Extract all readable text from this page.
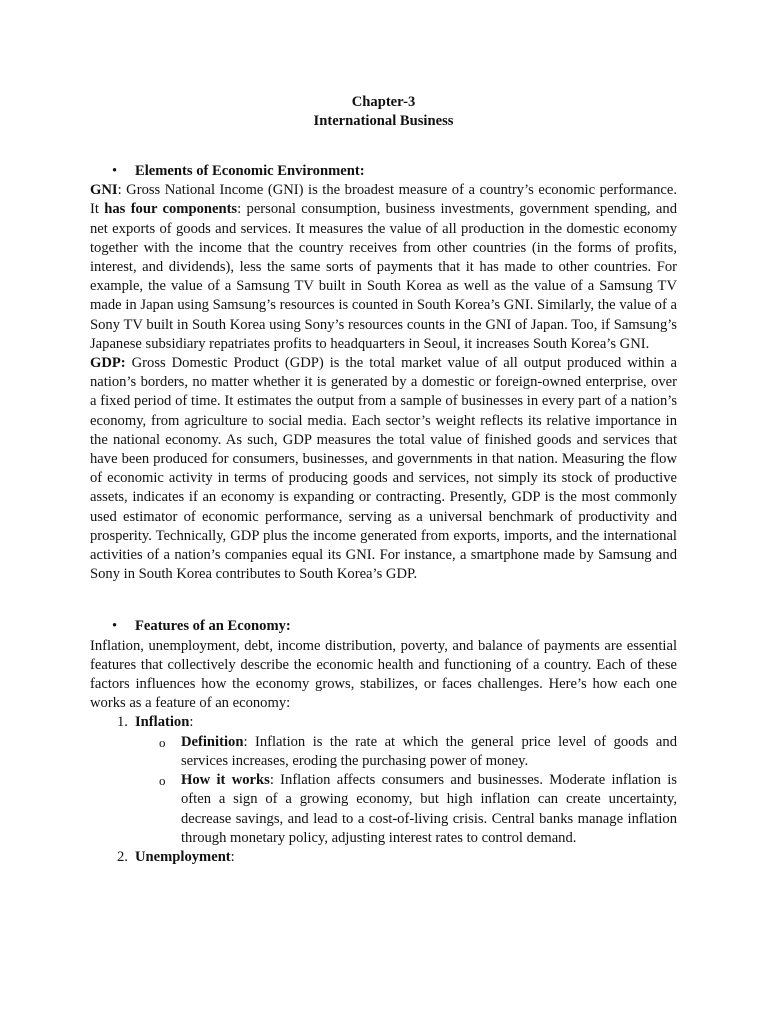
Chapter-3
International Business
• Elements of Economic Environment:

GNI: Gross National Income (GNI) is the broadest measure of a country’s economic performance. It has four components: personal consumption, business investments, government spending, and net exports of goods and services. It measures the value of all production in the domestic economy together with the income that the country receives from other countries (in the forms of profits, interest, and dividends), less the same sorts of payments that it has made to other countries. For example, the value of a Samsung TV built in South Korea as well as the value of a Samsung TV made in Japan using Samsung’s resources is counted in South Korea’s GNI. Similarly, the value of a Sony TV built in South Korea using Sony’s resources counts in the GNI of Japan. Too, if Samsung’s Japanese subsidiary repatriates profits to headquarters in Seoul, it increases South Korea’s GNI.

GDP: Gross Domestic Product (GDP) is the total market value of all output produced within a nation’s borders, no matter whether it is generated by a domestic or foreign-owned enterprise, over a fixed period of time. It estimates the output from a sample of businesses in every part of a nation’s economy, from agriculture to social media. Each sector’s weight reflects its relative importance in the national economy. As such, GDP measures the total value of finished goods and services that have been produced for consumers, businesses, and governments in that nation. Measuring the flow of economic activity in terms of producing goods and services, not simply its stock of productive assets, indicates if an economy is expanding or contracting. Presently, GDP is the most commonly used estimator of economic performance, serving as a universal benchmark of productivity and prosperity. Technically, GDP plus the income generated from exports, imports, and the international activities of a nation’s companies equal its GNI. For instance, a smartphone made by Samsung and Sony in South Korea contributes to South Korea’s GDP.

• Features of an Economy:

Inflation, unemployment, debt, income distribution, poverty, and balance of payments are essential features that collectively describe the economic health and functioning of a country. Each of these factors influences how the economy grows, stabilizes, or faces challenges. Here’s how each one works as a feature of an economy:

1. Inflation:
o Definition: Inflation is the rate at which the general price level of goods and services increases, eroding the purchasing power of money.
o How it works: Inflation affects consumers and businesses. Moderate inflation is often a sign of a growing economy, but high inflation can create uncertainty, decrease savings, and lead to a cost-of-living crisis. Central banks manage inflation through monetary policy, adjusting interest rates to control demand.
2. Unemployment:
